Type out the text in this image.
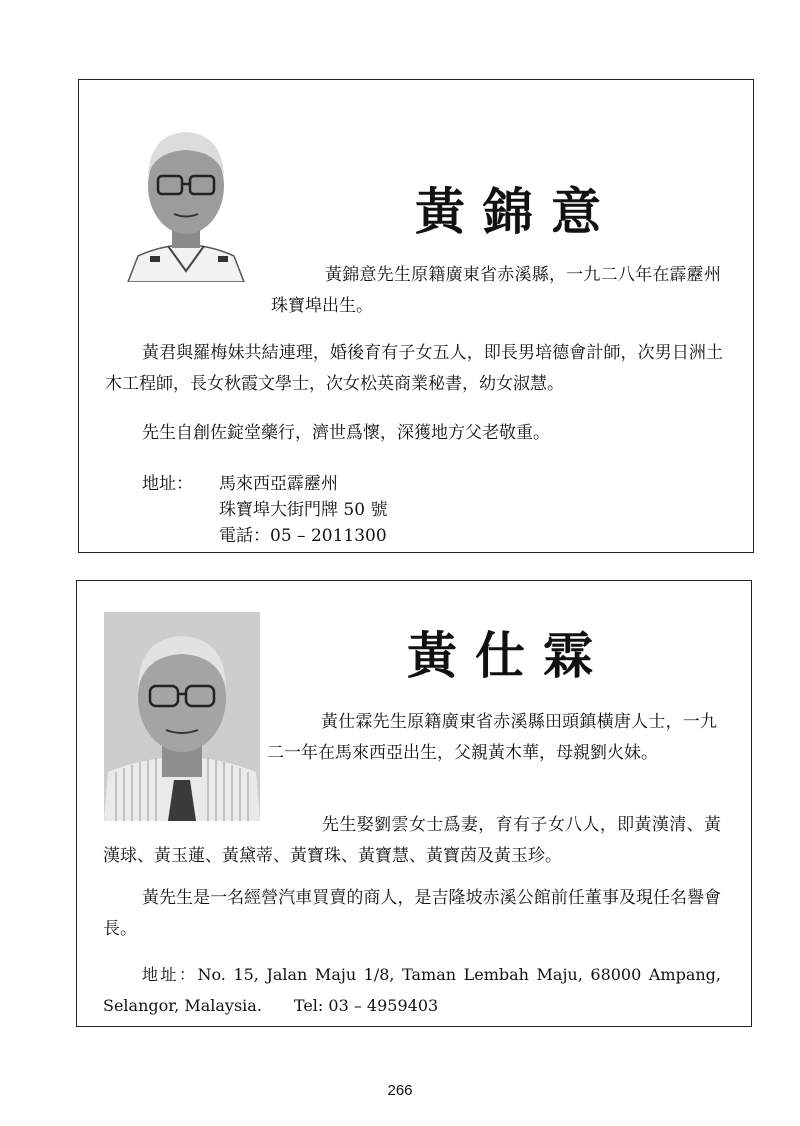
黃錦意

黃錦意先生原籍廣東省赤溪縣，一九二八年在霹靂州珠寶埠出生。

黃君與羅梅妹共結連理，婚後育有子女五人，即長男培德會計師，次男日洲土木工程師，長女秋霞文學士，次女松英商業秘書，幼女淑慧。

先生自創佐錠堂藥行，濟世爲懷，深獲地方父老敬重。

地址： 馬來西亞霹靂州
珠寶埠大街門牌 50 號
電話：05 – 2011300
黃仕霖

黃仕霖先生原籍廣東省赤溪縣田頭鎮橫唐人士，一九二一年在馬來西亞出生，父親黃木華，母親劉火妹。

先生娶劉雲女士爲妻，育有子女八人，即黃漢清、黃漢球、黃玉蓮、黃黛蒂、黃寶珠、黃寶慧、黃寶茵及黃玉珍。

黃先生是一名經營汽車買賣的商人，是吉隆坡赤溪公館前任董事及現任名譽會長。

地址：No. 15, Jalan Maju 1/8, Taman Lembah Maju, 68000 Ampang, Selangor, Malaysia.　　Tel: 03 – 4959403

266
